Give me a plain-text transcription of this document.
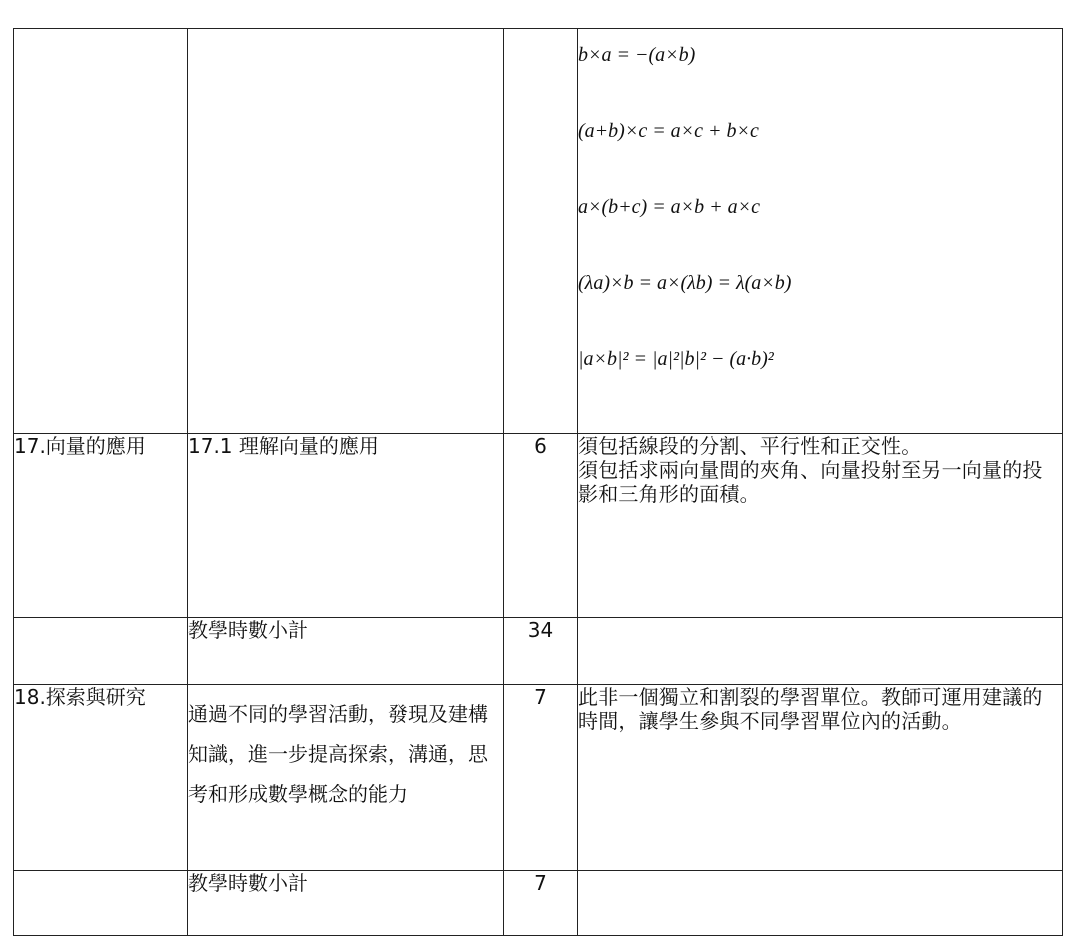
			b×a = −(a×b)
(a+b)×c = a×c + b×c
a×(b+c) = a×b + a×c
(λa)×b = a×(λb) = λ(a×b)
|a×b|² = |a|²|b|² − (a·b)²

17.向量的應用	17.1 理解向量的應用	6	須包括線段的分割、平行性和正交性。
須包括求兩向量間的夾角、向量投射至另一向量的投影和三角形的面積。

	教學時數小計	34	
18.探索與研究	通過不同的學習活動，發現及建構知識，進一步提高探索，溝通，思考和形成數學概念的能力	7	此非一個獨立和割裂的學習單位。教師可運用建議的時間，讓學生參與不同學習單位內的活動。
	教學時數小計	7	
